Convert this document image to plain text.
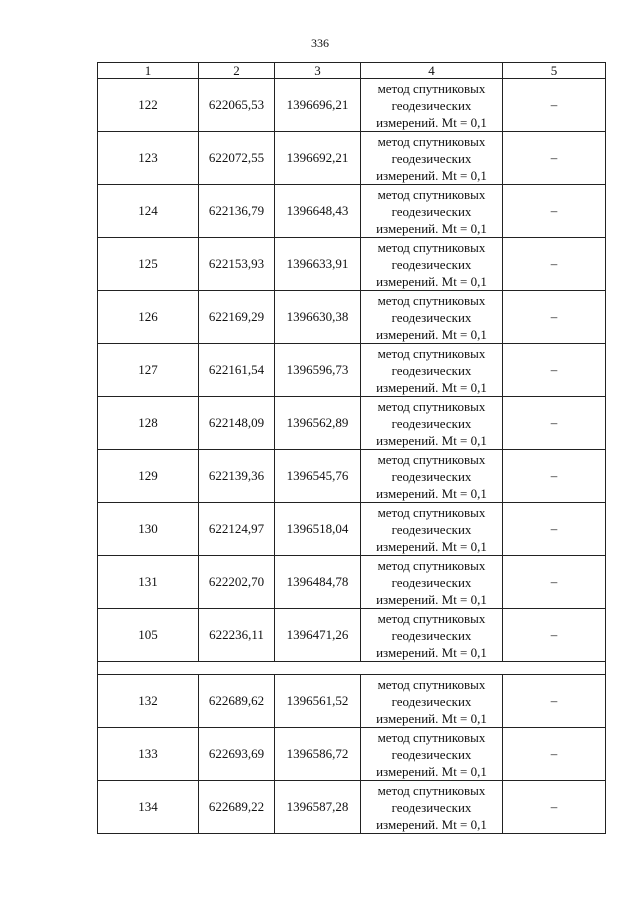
336
1	2	3	4	5
122	622065,53	1396696,21	метод спутниковых геодезических измерений. Mt = 0,1	–
123	622072,55	1396692,21	метод спутниковых геодезических измерений. Mt = 0,1	–
124	622136,79	1396648,43	метод спутниковых геодезических измерений. Mt = 0,1	–
125	622153,93	1396633,91	метод спутниковых геодезических измерений. Mt = 0,1	–
126	622169,29	1396630,38	метод спутниковых геодезических измерений. Mt = 0,1	–
127	622161,54	1396596,73	метод спутниковых геодезических измерений. Mt = 0,1	–
128	622148,09	1396562,89	метод спутниковых геодезических измерений. Mt = 0,1	–
129	622139,36	1396545,76	метод спутниковых геодезических измерений. Mt = 0,1	–
130	622124,97	1396518,04	метод спутниковых геодезических измерений. Mt = 0,1	–
131	622202,70	1396484,78	метод спутниковых геодезических измерений. Mt = 0,1	–
105	622236,11	1396471,26	метод спутниковых геодезических измерений. Mt = 0,1	–

132	622689,62	1396561,52	метод спутниковых геодезических измерений. Mt = 0,1	–
133	622693,69	1396586,72	метод спутниковых геодезических измерений. Mt = 0,1	–
134	622689,22	1396587,28	метод спутниковых геодезических измерений. Mt = 0,1	–
